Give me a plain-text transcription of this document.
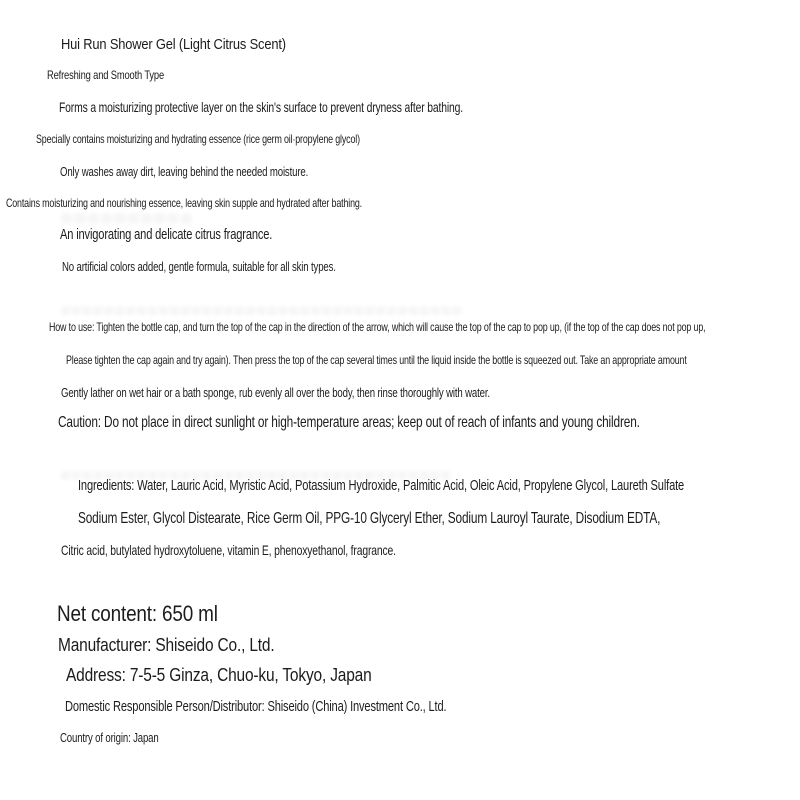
Hui Run Shower Gel (Light Citrus Scent)
Refreshing and Smooth Type
Forms a moisturizing protective layer on the skin's surface to prevent dryness after bathing.
Specially contains moisturizing and hydrating essence (rice germ oil·propylene glycol)
Only washes away dirt, leaving behind the needed moisture.
Contains moisturizing and nourishing essence, leaving skin supple and hydrated after bathing.
An invigorating and delicate citrus fragrance.
No artificial colors added, gentle formula, suitable for all skin types.
How to use: Tighten the bottle cap, and turn the top of the cap in the direction of the arrow, which will cause the top of the cap to pop up, (if the top of the cap does not pop up,
Please tighten the cap again and try again). Then press the top of the cap several times until the liquid inside the bottle is squeezed out. Take an appropriate amount
Gently lather on wet hair or a bath sponge, rub evenly all over the body, then rinse thoroughly with water.
Caution: Do not place in direct sunlight or high-temperature areas; keep out of reach of infants and young children.
Ingredients: Water, Lauric Acid, Myristic Acid, Potassium Hydroxide, Palmitic Acid, Oleic Acid, Propylene Glycol, Laureth Sulfate
Sodium Ester, Glycol Distearate, Rice Germ Oil, PPG-10 Glyceryl Ether, Sodium Lauroyl Taurate, Disodium EDTA,
Citric acid, butylated hydroxytoluene, vitamin E, phenoxyethanol, fragrance.
Net content: 650 ml
Manufacturer: Shiseido Co., Ltd.
Address: 7-5-5 Ginza, Chuo-ku, Tokyo, Japan
Domestic Responsible Person/Distributor: Shiseido (China) Investment Co., Ltd.
Country of origin: Japan
